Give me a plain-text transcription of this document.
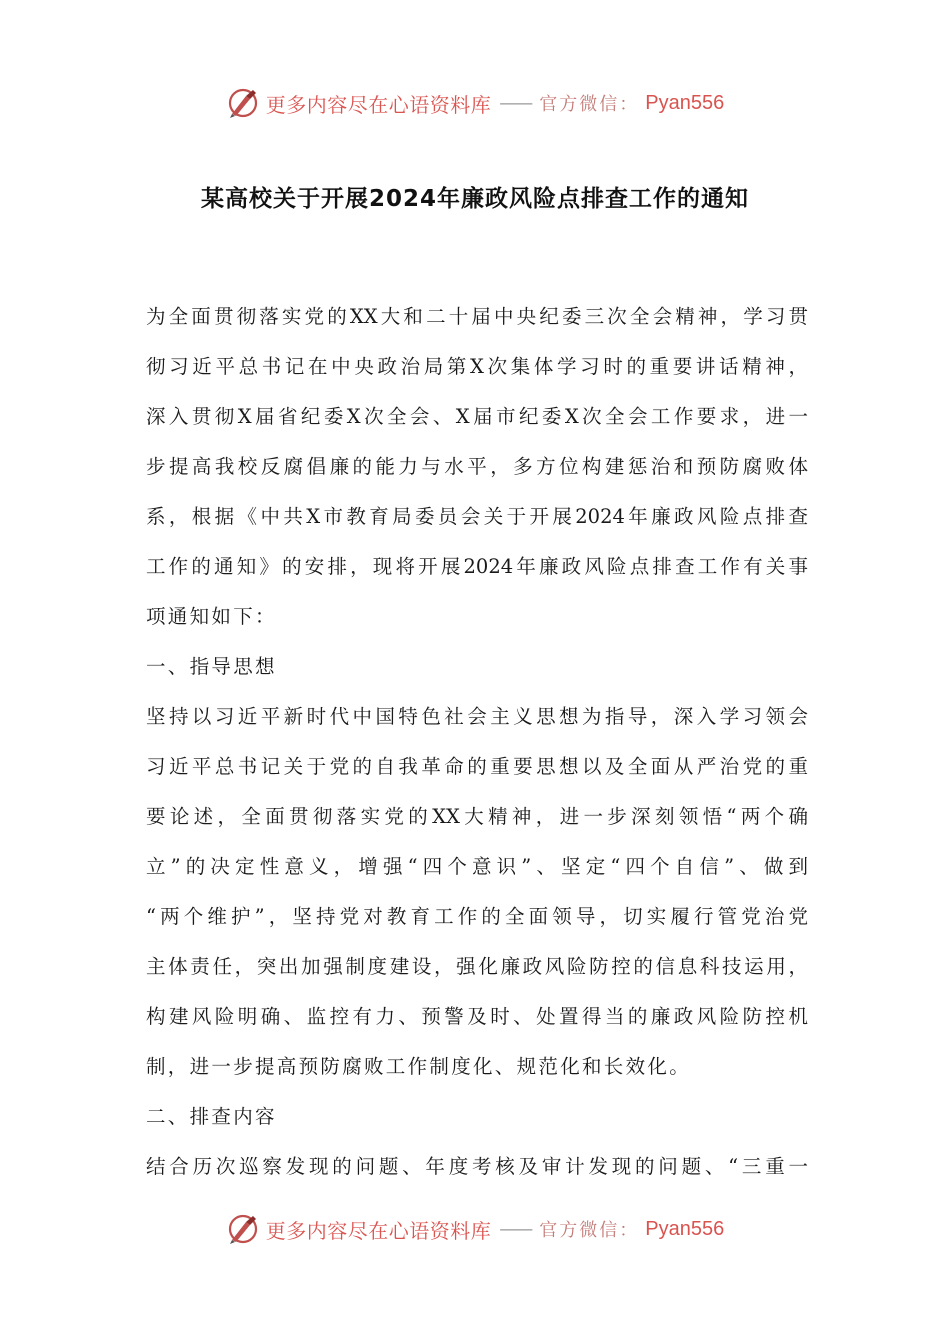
更多内容尽在心语资料库 —— 官方微信： Pyan556
某高校关于开展2024年廉政风险点排查工作的通知
为全面贯彻落实党的XX大和二十届中央纪委三次全会精神，学习贯
彻习近平总书记在中央政治局第X次集体学习时的重要讲话精神，
深入贯彻X届省纪委X次全会、X届市纪委X次全会工作要求，进一
步提高我校反腐倡廉的能力与水平，多方位构建惩治和预防腐败体
系，根据《中共X市教育局委员会关于开展2024年廉政风险点排查
工作的通知》的安排，现将开展2024年廉政风险点排查工作有关事
项通知如下：
一、指导思想
坚持以习近平新时代中国特色社会主义思想为指导，深入学习领会
习近平总书记关于党的自我革命的重要思想以及全面从严治党的重
要论述，全面贯彻落实党的XX大精神，进一步深刻领悟“两个确
立”的决定性意义，增强“四个意识”、坚定“四个自信”、做到
“两个维护”，坚持党对教育工作的全面领导，切实履行管党治党
主体责任，突出加强制度建设，强化廉政风险防控的信息科技运用，
构建风险明确、监控有力、预警及时、处置得当的廉政风险防控机
制，进一步提高预防腐败工作制度化、规范化和长效化。
二、排查内容
结合历次巡察发现的问题、年度考核及审计发现的问题、“三重一
更多内容尽在心语资料库 —— 官方微信： Pyan556
